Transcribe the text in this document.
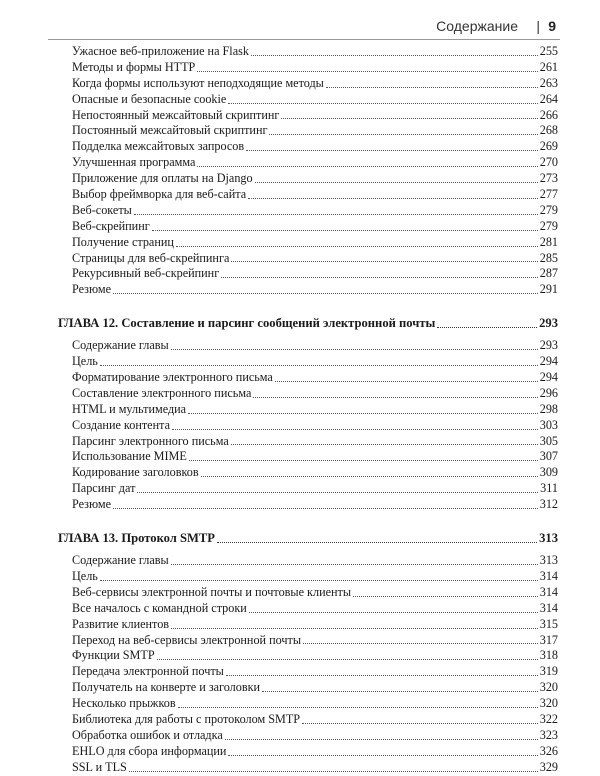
Содержание | 9
Ужасное веб-приложение на Flask	255
Методы и формы HTTP	261
Когда формы используют неподходящие методы	263
Опасные и безопасные cookie	264
Непостоянный межсайтовый скриптинг	266
Постоянный межсайтовый скриптинг	268
Подделка межсайтовых запросов	269
Улучшенная программа	270
Приложение для оплаты на Django	273
Выбор фреймворка для веб-сайта	277
Веб-сокеты	279
Веб-скрейпинг	279
Получение страниц	281
Страницы для веб-скрейпинга	285
Рекурсивный веб-скрейпинг	287
Резюме	291
ГЛАВА 12. Составление и парсинг сообщений электронной почты	293
Содержание главы	293
Цель	294
Форматирование электронного письма	294
Составление электронного письма	296
HTML и мультимедиа	298
Создание контента	303
Парсинг электронного письма	305
Использование MIME	307
Кодирование заголовков	309
Парсинг дат	311
Резюме	312
ГЛАВА 13. Протокол SMTP	313
Содержание главы	313
Цель	314
Веб-сервисы электронной почты и почтовые клиенты	314
Все началось с командной строки	314
Развитие клиентов	315
Переход на веб-сервисы электронной почты	317
Функции SMTP	318
Передача электронной почты	319
Получатель на конверте и заголовки	320
Несколько прыжков	320
Библиотека для работы с протоколом SMTP	322
Обработка ошибок и отладка	323
EHLO для сбора информации	326
SSL и TLS	329
